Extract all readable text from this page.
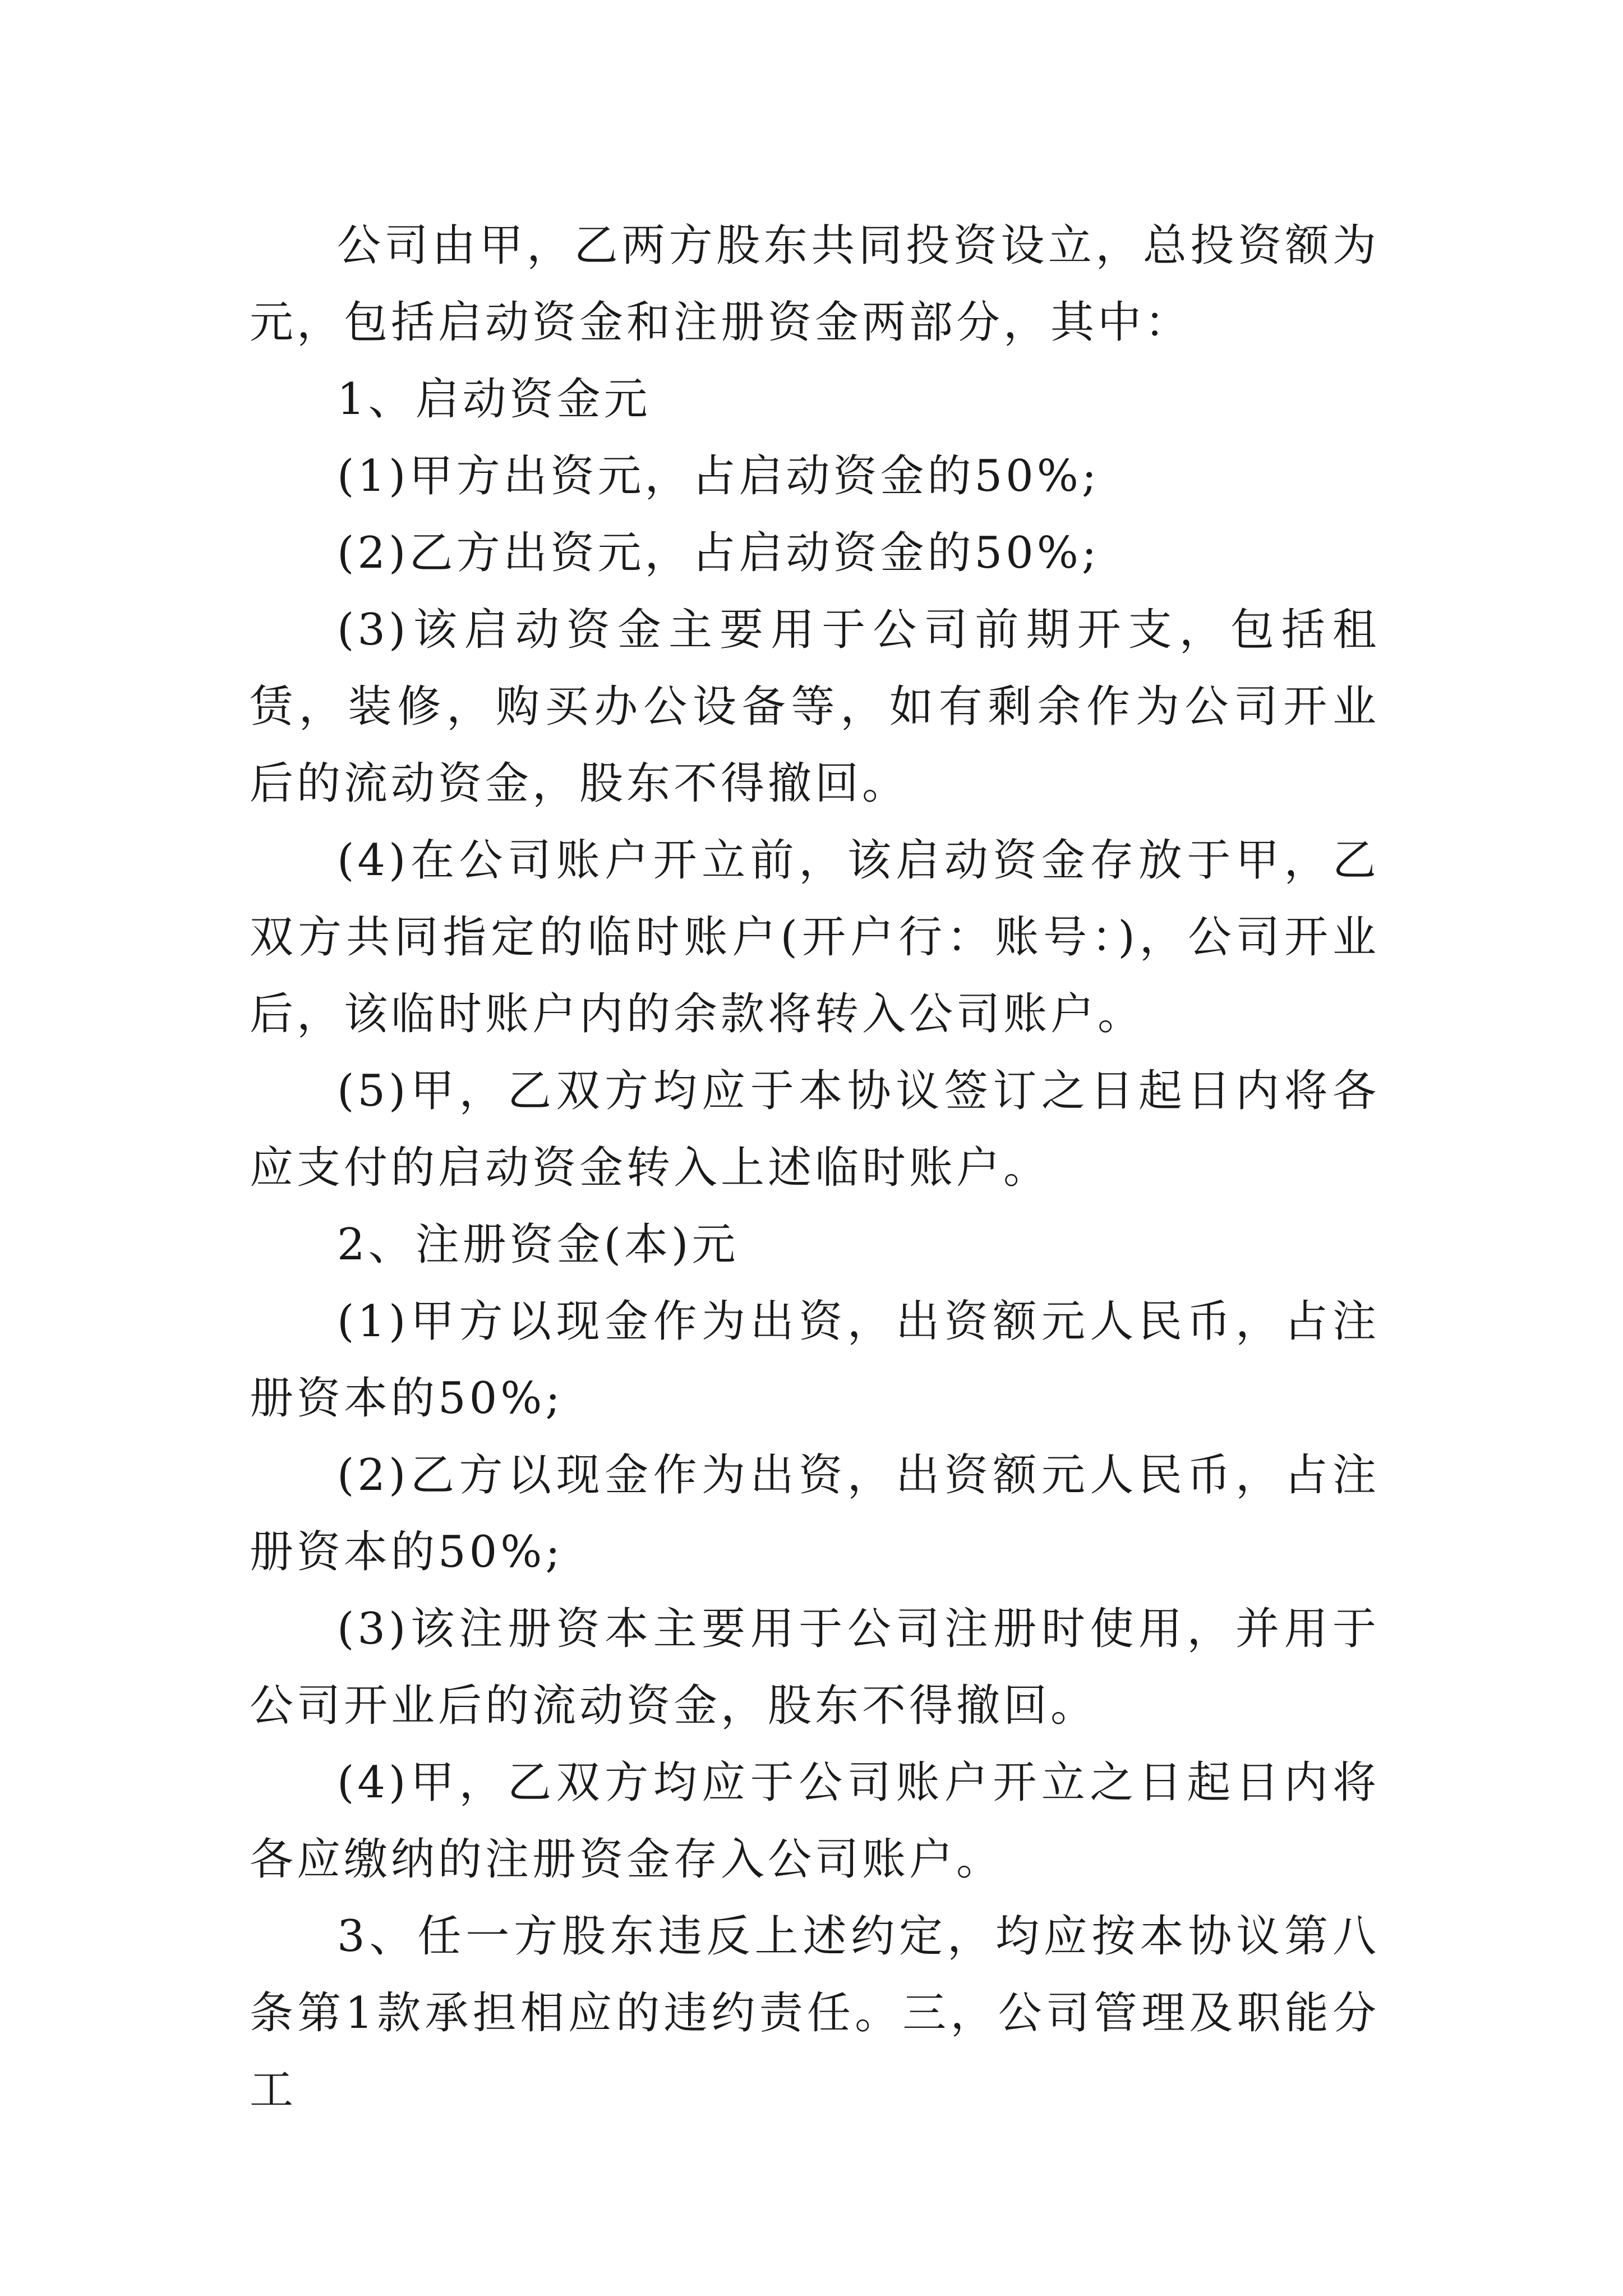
公司由甲，乙两方股东共同投资设立，总投资额为元，包括启动资金和注册资金两部分，其中：

1、启动资金元

(1)甲方出资元，占启动资金的50%;

(2)乙方出资元，占启动资金的50%;

(3)该启动资金主要用于公司前期开支，包括租赁，装修，购买办公设备等，如有剩余作为公司开业后的流动资金，股东不得撤回。

(4)在公司账户开立前，该启动资金存放于甲，乙双方共同指定的临时账户(开户行：账号：)，公司开业后，该临时账户内的余款将转入公司账户。

(5)甲，乙双方均应于本协议签订之日起日内将各应支付的启动资金转入上述临时账户。

2、注册资金(本)元

(1)甲方以现金作为出资，出资额元人民币，占注册资本的50%;

(2)乙方以现金作为出资，出资额元人民币，占注册资本的50%;

(3)该注册资本主要用于公司注册时使用，并用于公司开业后的流动资金，股东不得撤回。

(4)甲，乙双方均应于公司账户开立之日起日内将各应缴纳的注册资金存入公司账户。

3、任一方股东违反上述约定，均应按本协议第八条第1款承担相应的违约责任。三，公司管理及职能分工
